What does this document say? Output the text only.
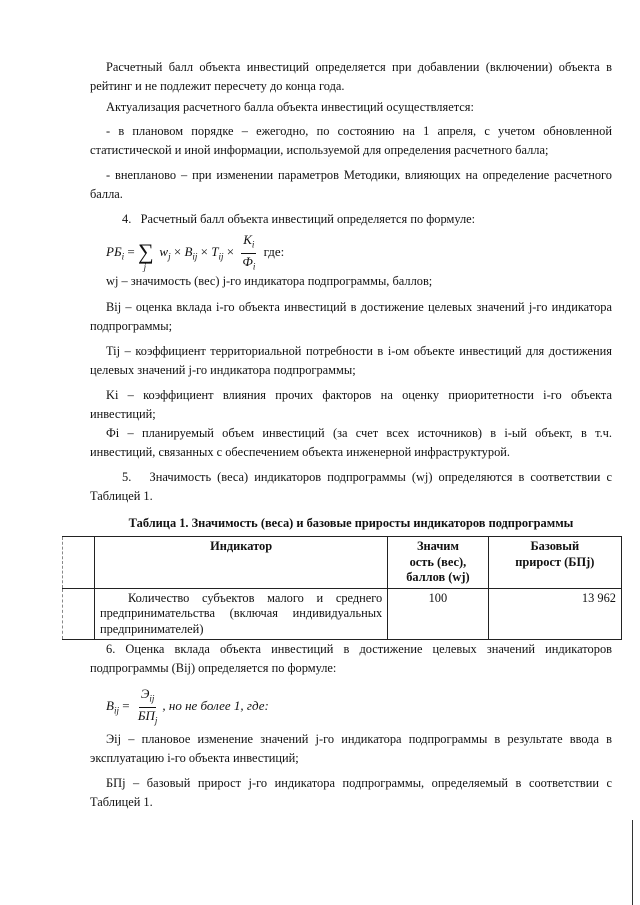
Расчетный балл объекта инвестиций определяется при добавлении (включении) объекта в рейтинг и не подлежит пересчету до конца года.

Актуализация расчетного балла объекта инвестиций осуществляется:

- в плановом порядке – ежегодно, по состоянию на 1 апреля, с учетом обновленной статистической и иной информации, используемой для определения расчетного балла;

- внепланово – при изменении параметров Методики, влияющих на определение расчетного балла.

4. Расчетный балл объекта инвестиций определяется по формуле:

$РБ_i = \sum_j$ $w_j \times B_{ij} \times T_{ij} \times \frac{K_i}{Ф_i}$ где:

wj – значимость (вес) j-го индикатора подпрограммы, баллов;

Bij – оценка вклада i-го объекта инвестиций в достижение целевых значений j-го индикатора подпрограммы;

Tij – коэффициент территориальной потребности в i-ом объекте инвестиций для достижения целевых значений j-го индикатора подпрограммы;

Ki – коэффициент влияния прочих факторов на оценку приоритетности i-го объекта инвестиций;

Фi – планируемый объем инвестиций (за счет всех источников) в i-ый объект, в т.ч. инвестиций, связанных с обеспечением объекта инженерной инфраструктурой.

5. Значимость (веса) индикаторов подпрограммы (wj) определяются в соответствии с Таблицей 1.

Таблица 1. Значимость (веса) и базовые приросты индикаторов подпрограммы
	Индикатор	Значим
ость (вес),
баллов (wj)	Базовый
прирост (БПj)
	Количество субъектов малого и среднего предпринимательства (включая индивидуальных предпринимателей)	100	13 962

6. Оценка вклада объекта инвестиций в достижение целевых значений индикаторов подпрограммы (Bij) определяется по формуле:

$B_{ij} = \frac{Э_{ij}}{БП_j}$ , но не более 1, где:

Эij – плановое изменение значений j-го индикатора подпрограммы в результате ввода в эксплуатацию i-го объекта инвестиций;

БПj – базовый прирост j-го индикатора подпрограммы, определяемый в соответствии с Таблицей 1.
